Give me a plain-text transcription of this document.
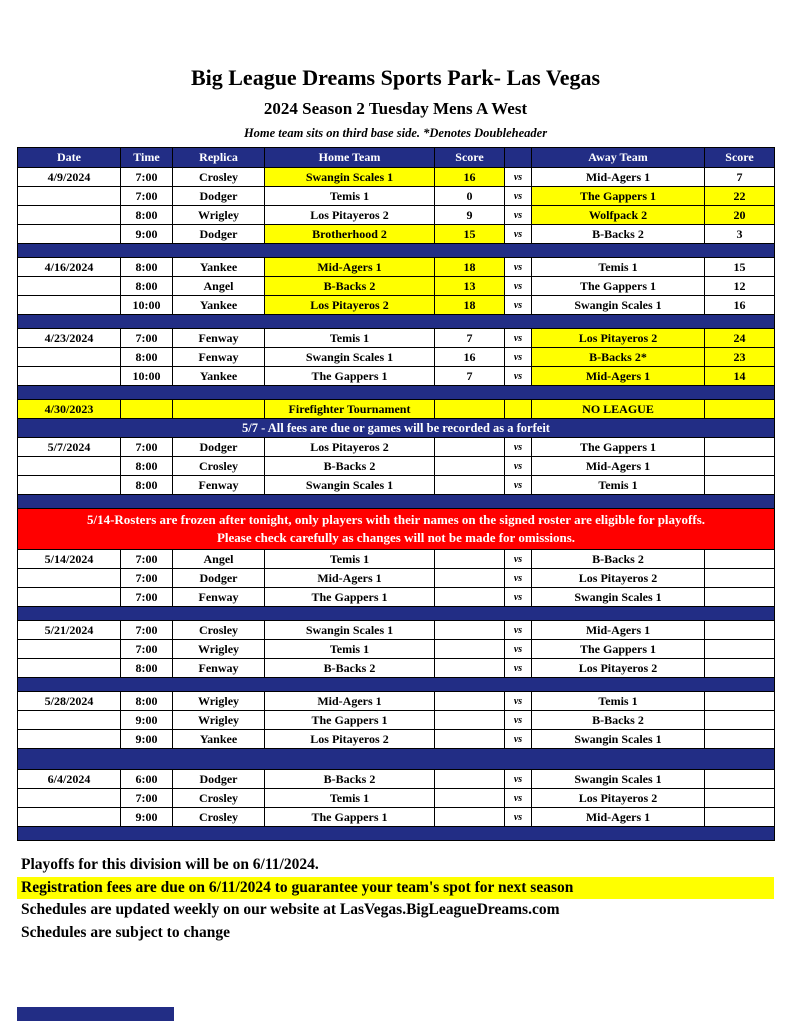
Big League Dreams Sports Park- Las Vegas
2024 Season 2 Tuesday Mens A West
Home team sits on third base side. *Denotes Doubleheader
Date	Time	Replica	Home Team	Score		Away Team	Score
4/9/2024	7:00	Crosley	Swangin Scales 1	16	vs	Mid-Agers 1	7
	7:00	Dodger	Temis 1	0	vs	The Gappers 1	22
	8:00	Wrigley	Los Pitayeros 2	9	vs	Wolfpack 2	20
	9:00	Dodger	Brotherhood 2	15	vs	B-Backs 2	3

4/16/2024	8:00	Yankee	Mid-Agers 1	18	vs	Temis 1	15
	8:00	Angel	B-Backs 2	13	vs	The Gappers 1	12
	10:00	Yankee	Los Pitayeros 2	18	vs	Swangin Scales 1	16

4/23/2024	7:00	Fenway	Temis 1	7	vs	Los Pitayeros 2	24
	8:00	Fenway	Swangin Scales 1	16	vs	B-Backs 2*	23
	10:00	Yankee	The Gappers 1	7	vs	Mid-Agers 1	14

4/30/2023			Firefighter Tournament			NO LEAGUE	

5/7 - All fees are due or games will be recorded as a forfeit							

5/7/2024	7:00	Dodger	Los Pitayeros 2		vs	The Gappers 1	
	8:00	Crosley	B-Backs 2		vs	Mid-Agers 1	
	8:00	Fenway	Swangin Scales 1		vs	Temis 1	

5/14-Rosters are frozen after tonight, only players with their names on the signed roster are eligible for playoffs.
Please check carefully as changes will not be made for omissions.							

5/14/2024	7:00	Angel	Temis 1		vs	B-Backs 2	
	7:00	Dodger	Mid-Agers 1		vs	Los Pitayeros 2	
	7:00	Fenway	The Gappers 1		vs	Swangin Scales 1	

5/21/2024	7:00	Crosley	Swangin Scales 1		vs	Mid-Agers 1	
	7:00	Wrigley	Temis 1		vs	The Gappers 1	
	8:00	Fenway	B-Backs 2		vs	Los Pitayeros 2	

5/28/2024	8:00	Wrigley	Mid-Agers 1		vs	Temis 1	
	9:00	Wrigley	The Gappers 1		vs	B-Backs 2	
	9:00	Yankee	Los Pitayeros 2		vs	Swangin Scales 1	

6/4/2024	6:00	Dodger	B-Backs 2		vs	Swangin Scales 1	
	7:00	Crosley	Temis 1		vs	Los Pitayeros 2	
	9:00	Crosley	The Gappers 1		vs	Mid-Agers 1	

Playoffs for this division will be on 6/11/2024.
Registration fees are due on 6/11/2024 to guarantee your team's spot for next season
Schedules are updated weekly on our website at LasVegas.BigLeagueDreams.com
Schedules are subject to change
